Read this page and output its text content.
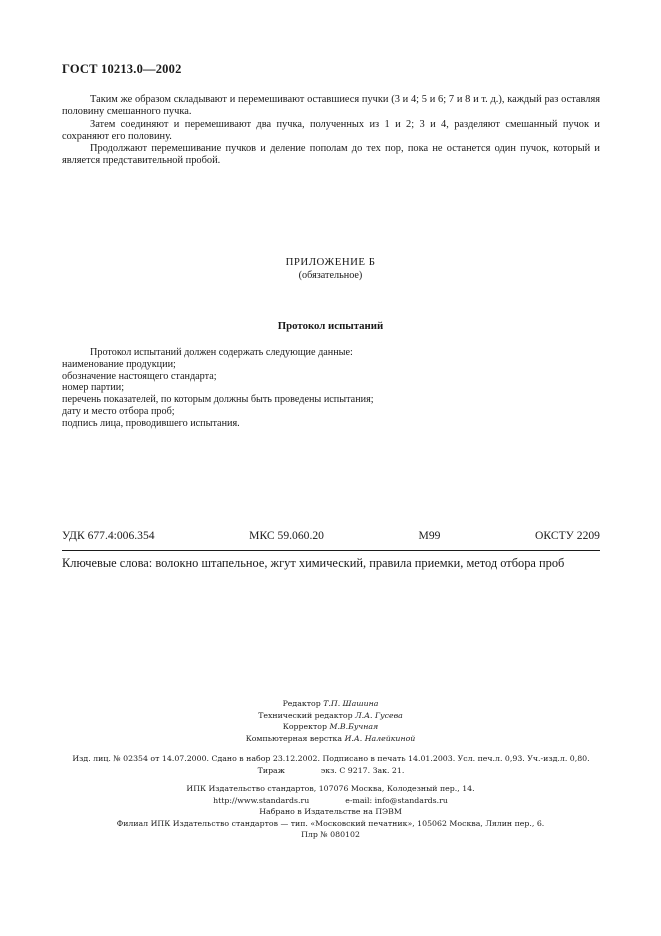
ГОСТ 10213.0—2002

Таким же образом складывают и перемешивают оставшиеся пучки (3 и 4; 5 и 6; 7 и 8 и т. д.), каждый раз оставляя половину смешанного пучка.

Затем соединяют и перемешивают два пучка, полученных из 1 и 2; 3 и 4, разделяют смешанный пучок и сохраняют его половину.

Продолжают перемешивание пучков и деление пополам до тех пор, пока не останется один пучок, который и является представительной пробой.

ПРИЛОЖЕНИЕ Б
(обязательное)
Протокол испытаний
Протокол испытаний должен содержать следующие данные:
наименование продукции;
обозначение настоящего стандарта;
номер партии;
перечень показателей, по которым должны быть проведены испытания;
дату и место отбора проб;
подпись лица, проводившего испытания.
УДК 677.4:006.354	МКС 59.060.20	М99	ОКСТУ 2209
Ключевые слова: волокно штапельное, жгут химический, правила приемки, метод отбора проб
Редактор Т.П. Шашина
Технический редактор Л.А. Гусева
Корректор М.В.Бучная
Компьютерная верстка И.А. Налейкиной
Изд. лиц. № 02354 от 14.07.2000. Сдано в набор 23.12.2002. Подписано в печать 14.01.2003. Усл. печ.л. 0,93. Уч.-изд.л. 0,80.
Тираж	экз. С 9217. Зак. 21.
ИПК Издательство стандартов, 107076 Москва, Колодезный пер., 14.
http://www.standards.ru	e-mail: info@standards.ru
Набрано в Издательстве на ПЭВМ
Филиал ИПК Издательство стандартов — тип. «Московский печатник», 105062 Москва, Лялин пер., 6.
Плр № 080102
